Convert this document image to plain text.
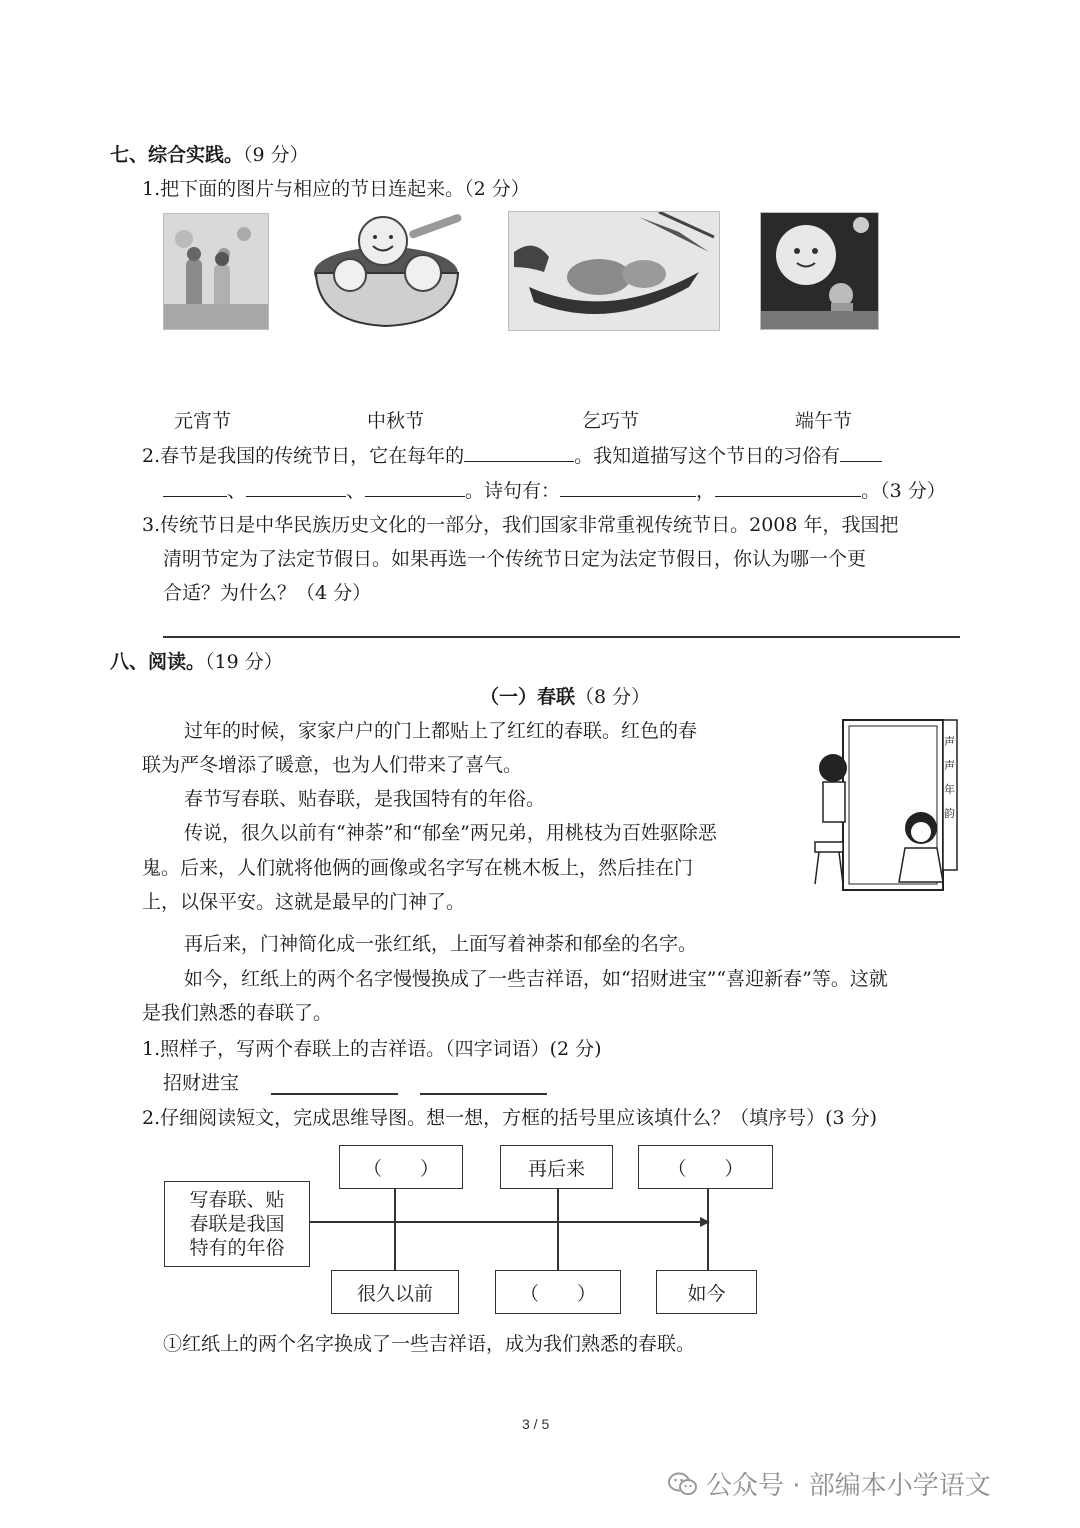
七、综合实践。（9 分）
1.把下面的图片与相应的节日连起来。（2 分）
元宵节	中秋节	乞巧节	端午节
2.春节是我国的传统节日，它在每年的	。我知道描写这个节日的习俗有
、	、	。诗句有：	，	。（3 分）
3.传统节日是中华民族历史文化的一部分，我们国家非常重视传统节日。2008 年，我国把
清明节定为了法定节假日。如果再选一个传统节日定为法定节假日，你认为哪一个更
合适？为什么？（4 分）
八、阅读。（19 分）
（一）春联（8 分）
过年的时候，家家户户的门上都贴上了红红的春联。红色的春
联为严冬增添了暖意，也为人们带来了喜气。
春节写春联、贴春联，是我国特有的年俗。
传说，很久以前有“神荼”和“郁垒”两兄弟，用桃枝为百姓驱除恶
鬼。后来，人们就将他俩的画像或名字写在桃木板上，然后挂在门
上，以保平安。这就是最早的门神了。
再后来，门神简化成一张红纸，上面写着神荼和郁垒的名字。
如今，红纸上的两个名字慢慢换成了一些吉祥语，如“招财进宝”“喜迎新春”等。这就
是我们熟悉的春联了。
声声年韵
1.照样子，写两个春联上的吉祥语。（四字词语）(2 分)
招财进宝
2.仔细阅读短文，完成思维导图。想一想，方框的括号里应该填什么？（填序号）(3 分)
写春联、贴
春联是我国
特有的年俗
（　　）	再后来	（　　）
很久以前	（　　）	如今
①红纸上的两个名字换成了一些吉祥语，成为我们熟悉的春联。
3 / 5
公众号 · 部编本小学语文
